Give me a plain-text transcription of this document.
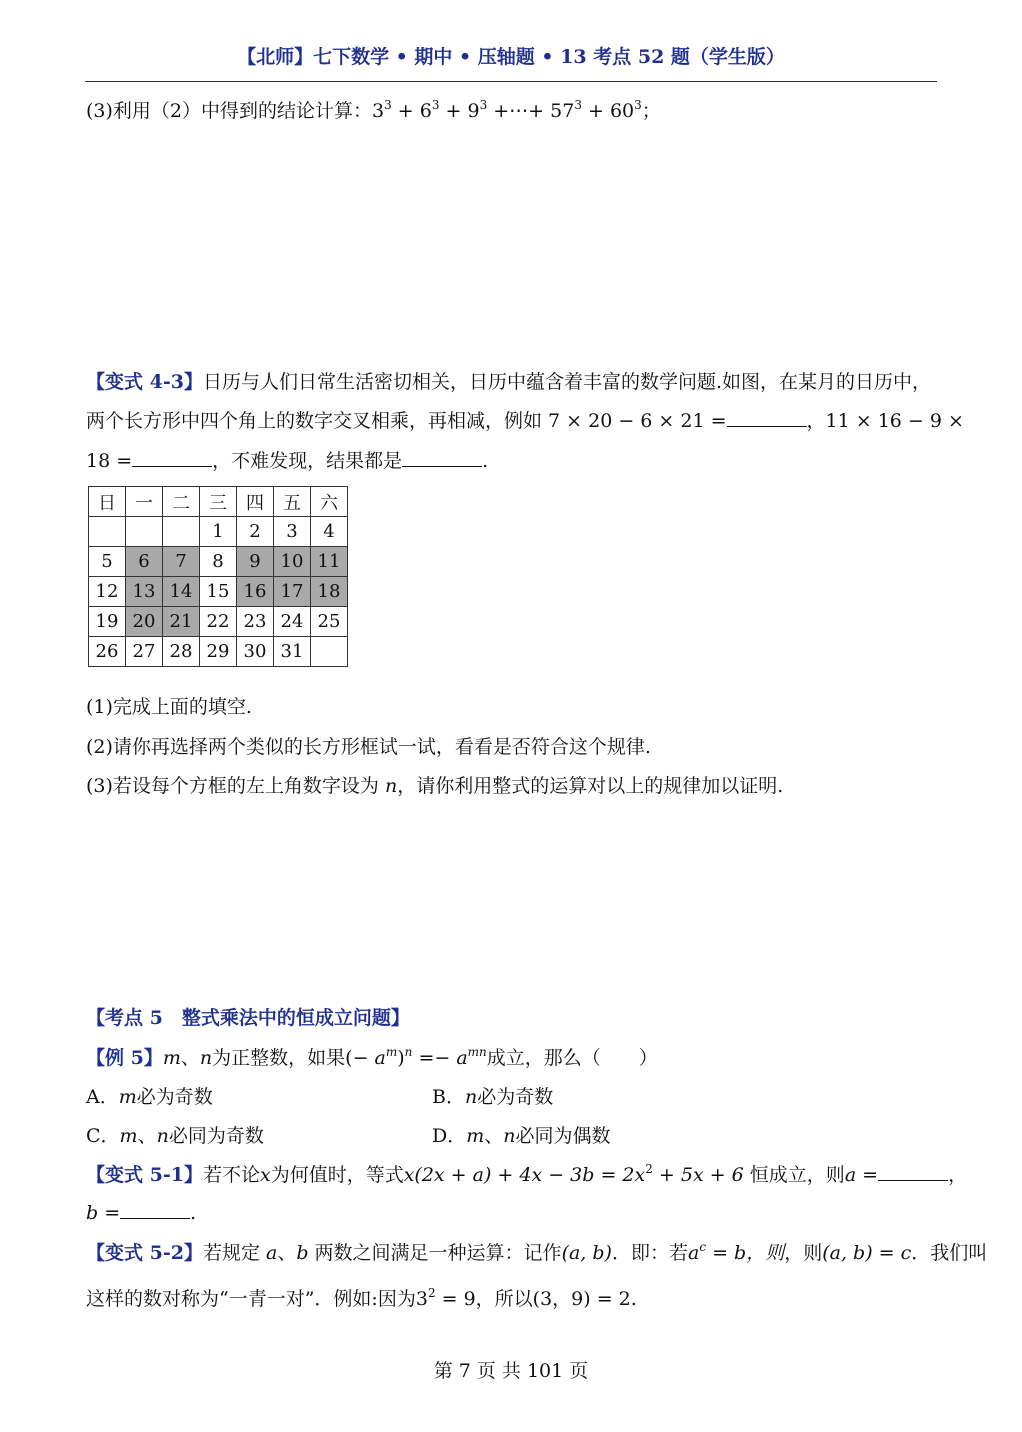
【北师】七下数学 • 期中 • 压轴题 • 13 考点 52 题（学生版）
(3)利用（2）中得到的结论计算：$3^3 + 6^3 + 9^3$ +⋯+ $57^3 + 60^3$；
【变式 4-3】日历与人们日常生活密切相关，日历中蕴含着丰富的数学问题.如图，在某月的日历中，
两个长方形中四个角上的数字交叉相乘，再相减，例如 7 × 20 − 6 × 21 =	，11 × 16 − 9 ×
18 =	，不难发现，结果都是	.
日	一	二	三	四	五	六
			1	2	3	4
5	6	7	8	9	10	11
12	13	14	15	16	17	18
19	20	21	22	23	24	25
26	27	28	29	30	31	
(1)完成上面的填空.
(2)请你再选择两个类似的长方形框试一试，看看是否符合这个规律.
(3)若设每个方框的左上角数字设为 n，请你利用整式的运算对以上的规律加以证明.
【考点 5　整式乘法中的恒成立问题】
【例 5】m、n为正整数，如果(− $a^m)^n =- a^{mn}$成立，那么（　　）
A．m必为奇数	B．n必为奇数
C．m、n必同为奇数	D．m、n必同为偶数
【变式 5-1】若不论x为何值时，等式$x(2x + a) + 4x - 3b = 2x^2 + 5x + 6$ 恒成立，则a =	，
b =	.
【变式 5-2】若规定 a、b 两数之间满足一种运算：记作(a, b)．即：若$a^c = b$，则，则(a, b) = c．我们叫
这样的数对称为“一青一对”．例如:因为$3^2 = 9$，所以(3，9) = 2.
第 7 页 共 101 页
